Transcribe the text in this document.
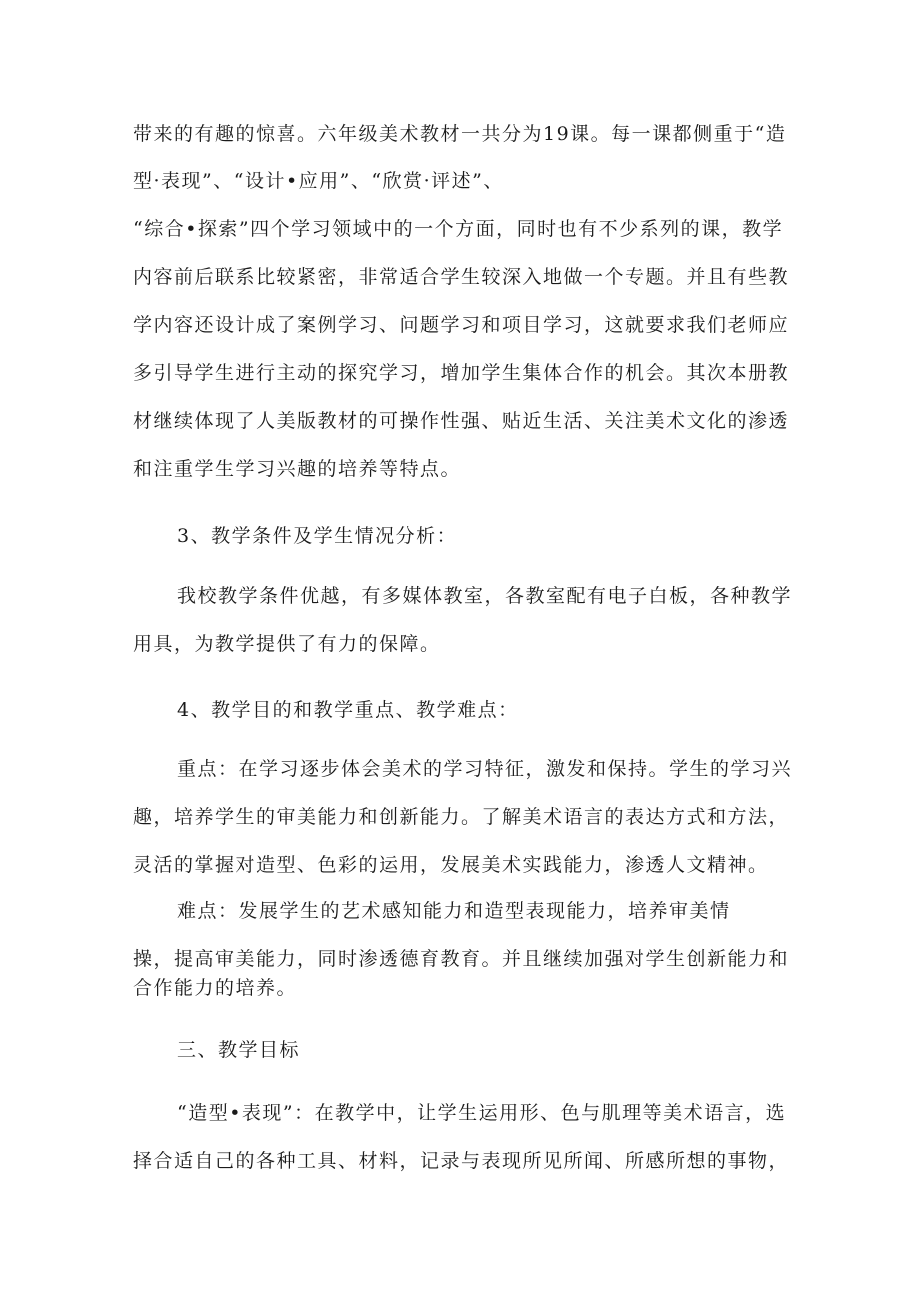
带来的有趣的惊喜。六年级美术教材一共分为19课。每一课都侧重于“造

型·表现”、“设计•应用”、“欣赏·评述”、

“综合•探索”四个学习领域中的一个方面，同时也有不少系列的课，教学

内容前后联系比较紧密，非常适合学生较深入地做一个专题。并且有些教

学内容还设计成了案例学习、问题学习和项目学习，这就要求我们老师应

多引导学生进行主动的探究学习，增加学生集体合作的机会。其次本册教

材继续体现了人美版教材的可操作性强、贴近生活、关注美术文化的渗透

和注重学生学习兴趣的培养等特点。

3、教学条件及学生情况分析：

我校教学条件优越，有多媒体教室，各教室配有电子白板，各种教学

用具，为教学提供了有力的保障。

4、教学目的和教学重点、教学难点：

重点：在学习逐步体会美术的学习特征，激发和保持。学生的学习兴

趣，培养学生的审美能力和创新能力。了解美术语言的表达方式和方法，

灵活的掌握对造型、色彩的运用，发展美术实践能力，渗透人文精神。

难点：发展学生的艺术感知能力和造型表现能力，培养审美情

操，提高审美能力，同时渗透德育教育。并且继续加强对学生创新能力和

合作能力的培养。

三、教学目标

“造型•表现”：在教学中，让学生运用形、色与肌理等美术语言，选

择合适自己的各种工具、材料，记录与表现所见所闻、所感所想的事物，
